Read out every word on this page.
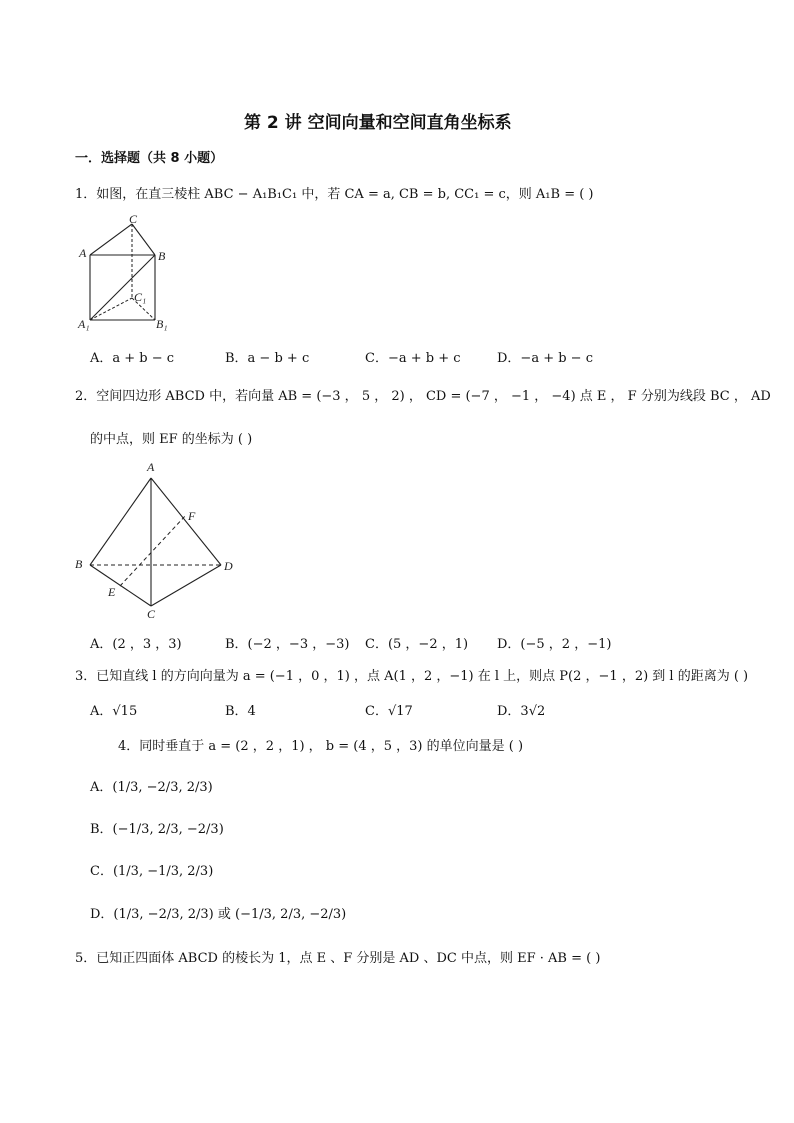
第 2 讲 空间向量和空间直角坐标系
一．选择题（共 8 小题）
1．如图，在直三棱柱 ABC − A₁B₁C₁ 中，若 CA = a, CB = b, CC₁ = c，则 A₁B = ( )
C
A	B
C₁
A₁	B₁
A．a + b − c	B．a − b + c	C．−a + b + c	D．−a + b − c
2．空间四边形 ABCD 中，若向量 AB = (−3 ， 5 ， 2) ， CD = (−7 ， −1 ， −4) 点 E ， F 分别为线段 BC ， AD
的中点，则 EF 的坐标为 ( )
A
F
B	D
E
C
A．(2 ，3 ，3)	B．(−2 ，−3 ，−3) C．(5 ，−2 ，1) D．(−5 ，2 ，−1)
3．已知直线 l 的方向向量为 a = (−1 ，0 ，1) ，点 A(1 ，2 ，−1) 在 l 上，则点 P(2 ，−1 ，2) 到 l 的距离为 ( )
A．√15	B．4	C．√17	D．3√2
4．同时垂直于 a = (2 ，2 ，1) ， b = (4 ，5 ，3) 的单位向量是 ( )
A．(1/3, −2/3, 2/3)
B．(−1/3, 2/3, −2/3)
C．(1/3, −1/3, 2/3)
D．(1/3, −2/3, 2/3) 或 (−1/3, 2/3, −2/3)
5．已知正四面体 ABCD 的棱长为 1，点 E 、F 分别是 AD 、DC 中点，则 EF · AB = ( )
